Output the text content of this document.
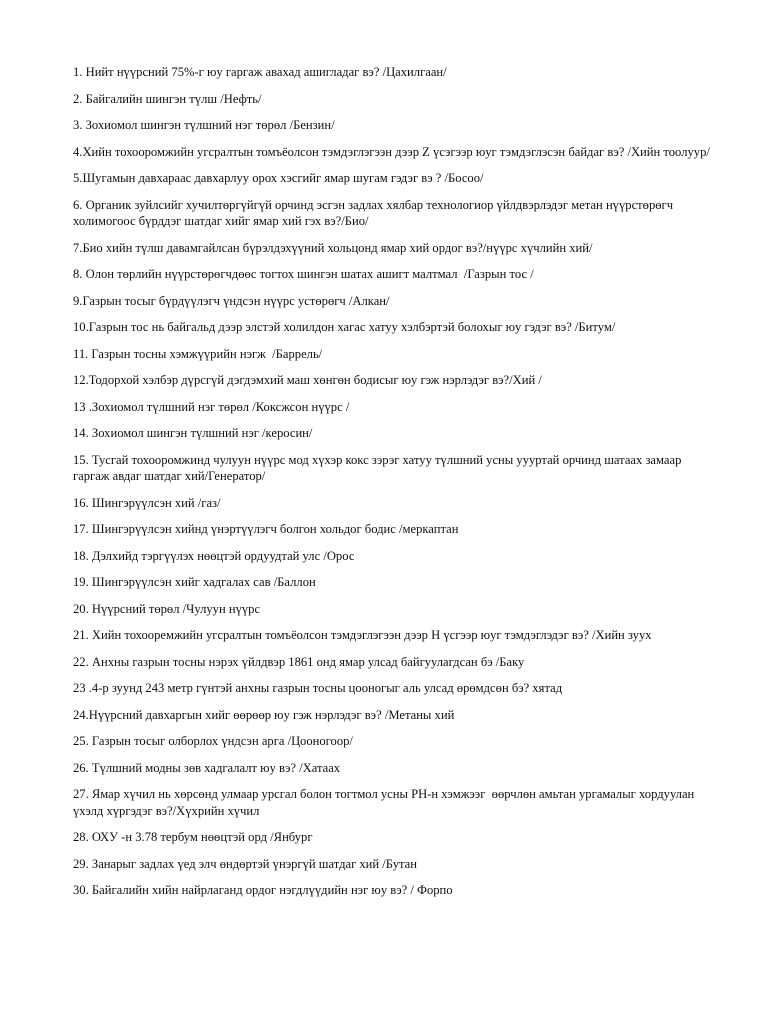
1. Нийт нүүрсний 75%-г юу гаргаж авахад ашигладаг вэ? /Цахилгаан/
2. Байгалийн шингэн түлш /Нефть/
3. Зохиомол шингэн түлшний нэг төрөл /Бензин/
4.Хийн тохооромжийн угсралтын томъёолсон тэмдэглэгээн дээр Z үсэгээр юуг тэмдэглэсэн байдаг вэ? /Хийн тоолуур/
5.Шугамын давхараас давхарлуу орох хэсгийг ямар шугам гэдэг вэ ? /Босоо/
6. Органик зуйлсийг хучилтөргүйгүй орчинд эсгэн задлах хялбар технологиор үйлдвэрлэдэг метан нүүрстөрөгч холимогоос бүрддэг шатдаг хийг ямар хий гэх вэ?/Био/
7.Био хийн түлш давамгайлсан бүрэлдэхүүний хольцонд ямар хий ордог вэ?/нүүрс хүчлийн хий/
8. Олон төрлийн нүүрстөрөгчдөөс тогтох шингэн шатах ашигт малтмал  /Газрын тос /
9.Газрын тосыг бүрдүүлэгч үндсэн нүүрс устөрөгч /Алкан/
10.Газрын тос нь байгальд дээр элстэй холилдон хагас хатуу хэлбэртэй болохыг юу гэдэг вэ? /Битум/
11. Газрын тосны хэмжүүрийн нэгж  /Баррель/
12.Тодорхой хэлбэр дүрсгүй дэгдэмхий маш хөнгөн бодисыг юу гэж нэрлэдэг вэ?/Хий /
13 .Зохиомол түлшний нэг төрөл /Коксжсон нүүрс /
14. Зохиомол шингэн түлшний нэг /керосин/
15. Тусгай тохооромжинд чулуун нүүрс мод хүхэр кокс зэрэг хатуу түлшний усны уууртай орчинд шатаах замаар гаргаж авдаг шатдаг хий/Генератор/
16. Шингэрүүлсэн хий /газ/
17. Шингэрүүлсэн хийнд үнэртүүлэгч болгон хольдог бодис /меркаптан
18. Дэлхийд тэргүүлэх нөөцтэй ордуудтай улс /Орос
19. Шингэрүүлсэн хийг хадгалах сав /Баллон
20. Нүүрсний төрөл /Чулуун нүүрс
21. Хийн тохооремжийн угсралтын томъёолсон тэмдэглэгээн дээр Н үсгээр юуг тэмдэглэдэг вэ? /Хийн зуух
22. Анхны газрын тосны нэрэх үйлдвэр 1861 онд ямар улсад байгуулагдсан бэ /Баку
23 .4-р зуунд 243 метр гүнтэй анхны газрын тосны цооногыг аль улсад өрөмдсөн бэ? хятад
24.Нүүрсний давхаргын хийг өөрөөр юу гэж нэрлэдэг вэ? /Метаны хий
25. Газрын тосыг олборлох үндсэн арга /Цооногоор/
26. Түлшний модны зөв хадгалалт юу вэ? /Хатаах
27. Ямар хүчил нь хөрсөнд улмаар урсгал болон тогтмол усны РН-н хэмжээг  өөрчлөн амьтан ургамалыг хордуулан  үхэлд хүргэдэг вэ?/Хүхрийн хүчил
28. ОХУ -н 3.78 тербум нөөцтэй орд /Янбург
29. Занарыг задлах үед элч өндөртэй үнэргүй шатдаг хий /Бутан
30. Байгалийн хийн найрлаганд ордог нэгдлүүдийн нэг юу вэ? / Форпо
